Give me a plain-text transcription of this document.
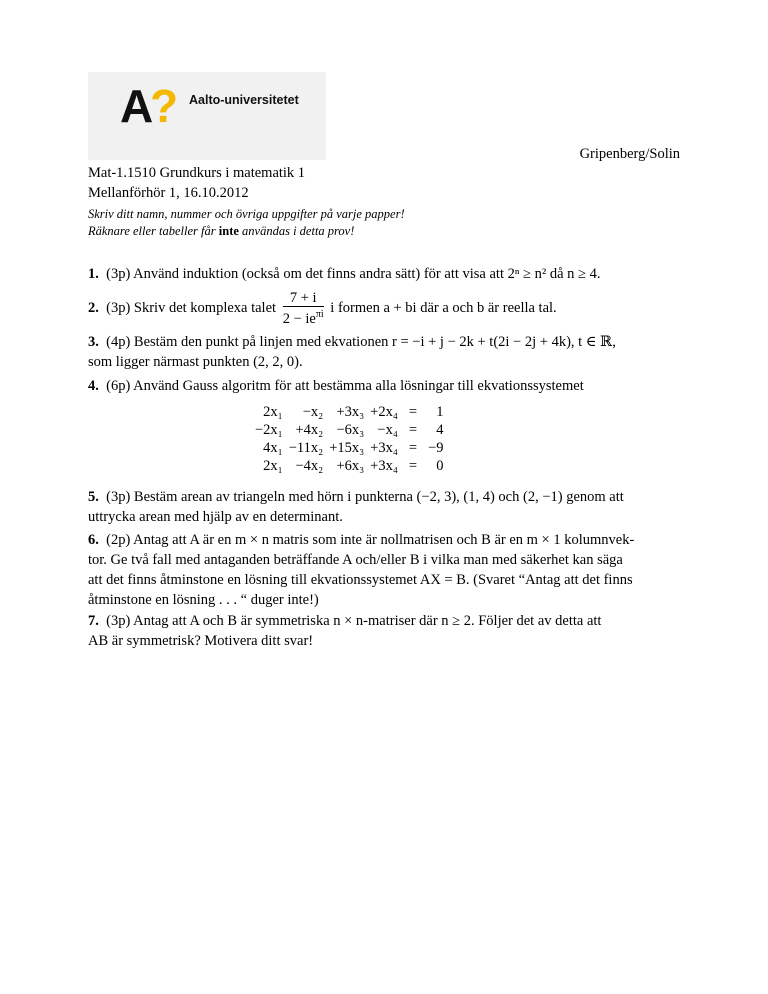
A
? Aalto-universitetet
Gripenberg/Solin
Mat-1.1510 Grundkurs i matematik 1
Mellanförhör 1, 16.10.2012
Skriv ditt namn, nummer och övriga uppgifter på varje papper!
Räknare eller tabeller får inte användas i detta prov!
1. (3p) Använd induktion (också om det finns andra sätt) för att visa att 2ⁿ ≥ n² då n ≥ 4.
2. (3p) Skriv det komplexa talet $\frac{7 + i}{2 - ie^{\pi i}}$ i formen a + bi där a och b är reella tal.
3. (4p) Bestäm den punkt på linjen med ekvationen r = −i + j − 2k + t(2i − 2j + 4k), t ∈ ℝ,
som ligger närmast punkten (2, 2, 0).
4. (6p) Använd Gauss algoritm för att bestämma alla lösningar till ekvationssystemet
2x₁	−x₂	+3x₃	+2x₄	=	1
−2x₁	+4x₂	−6x₃	−x₄	=	4
4x₁	−11x₂	+15x₃	+3x₄	=	−9
2x₁	−4x₂	+6x₃	+3x₄	=	0
5. (3p) Bestäm arean av triangeln med hörn i punkterna (−2, 3), (1, 4) och (2, −1) genom att
uttrycka arean med hjälp av en determinant.
6. (2p) Antag att A är en m × n matris som inte är nollmatrisen och B är en m × 1 kolumnvek-
tor. Ge två fall med antaganden beträffande A och/eller B i vilka man med säkerhet kan säga
att det finns åtminstone en lösning till ekvationssystemet AX = B. (Svaret “Antag att det finns
åtminstone en lösning . . . “ duger inte!)
7. (3p) Antag att A och B är symmetriska n × n-matriser där n ≥ 2. Följer det av detta att
AB är symmetrisk? Motivera ditt svar!
